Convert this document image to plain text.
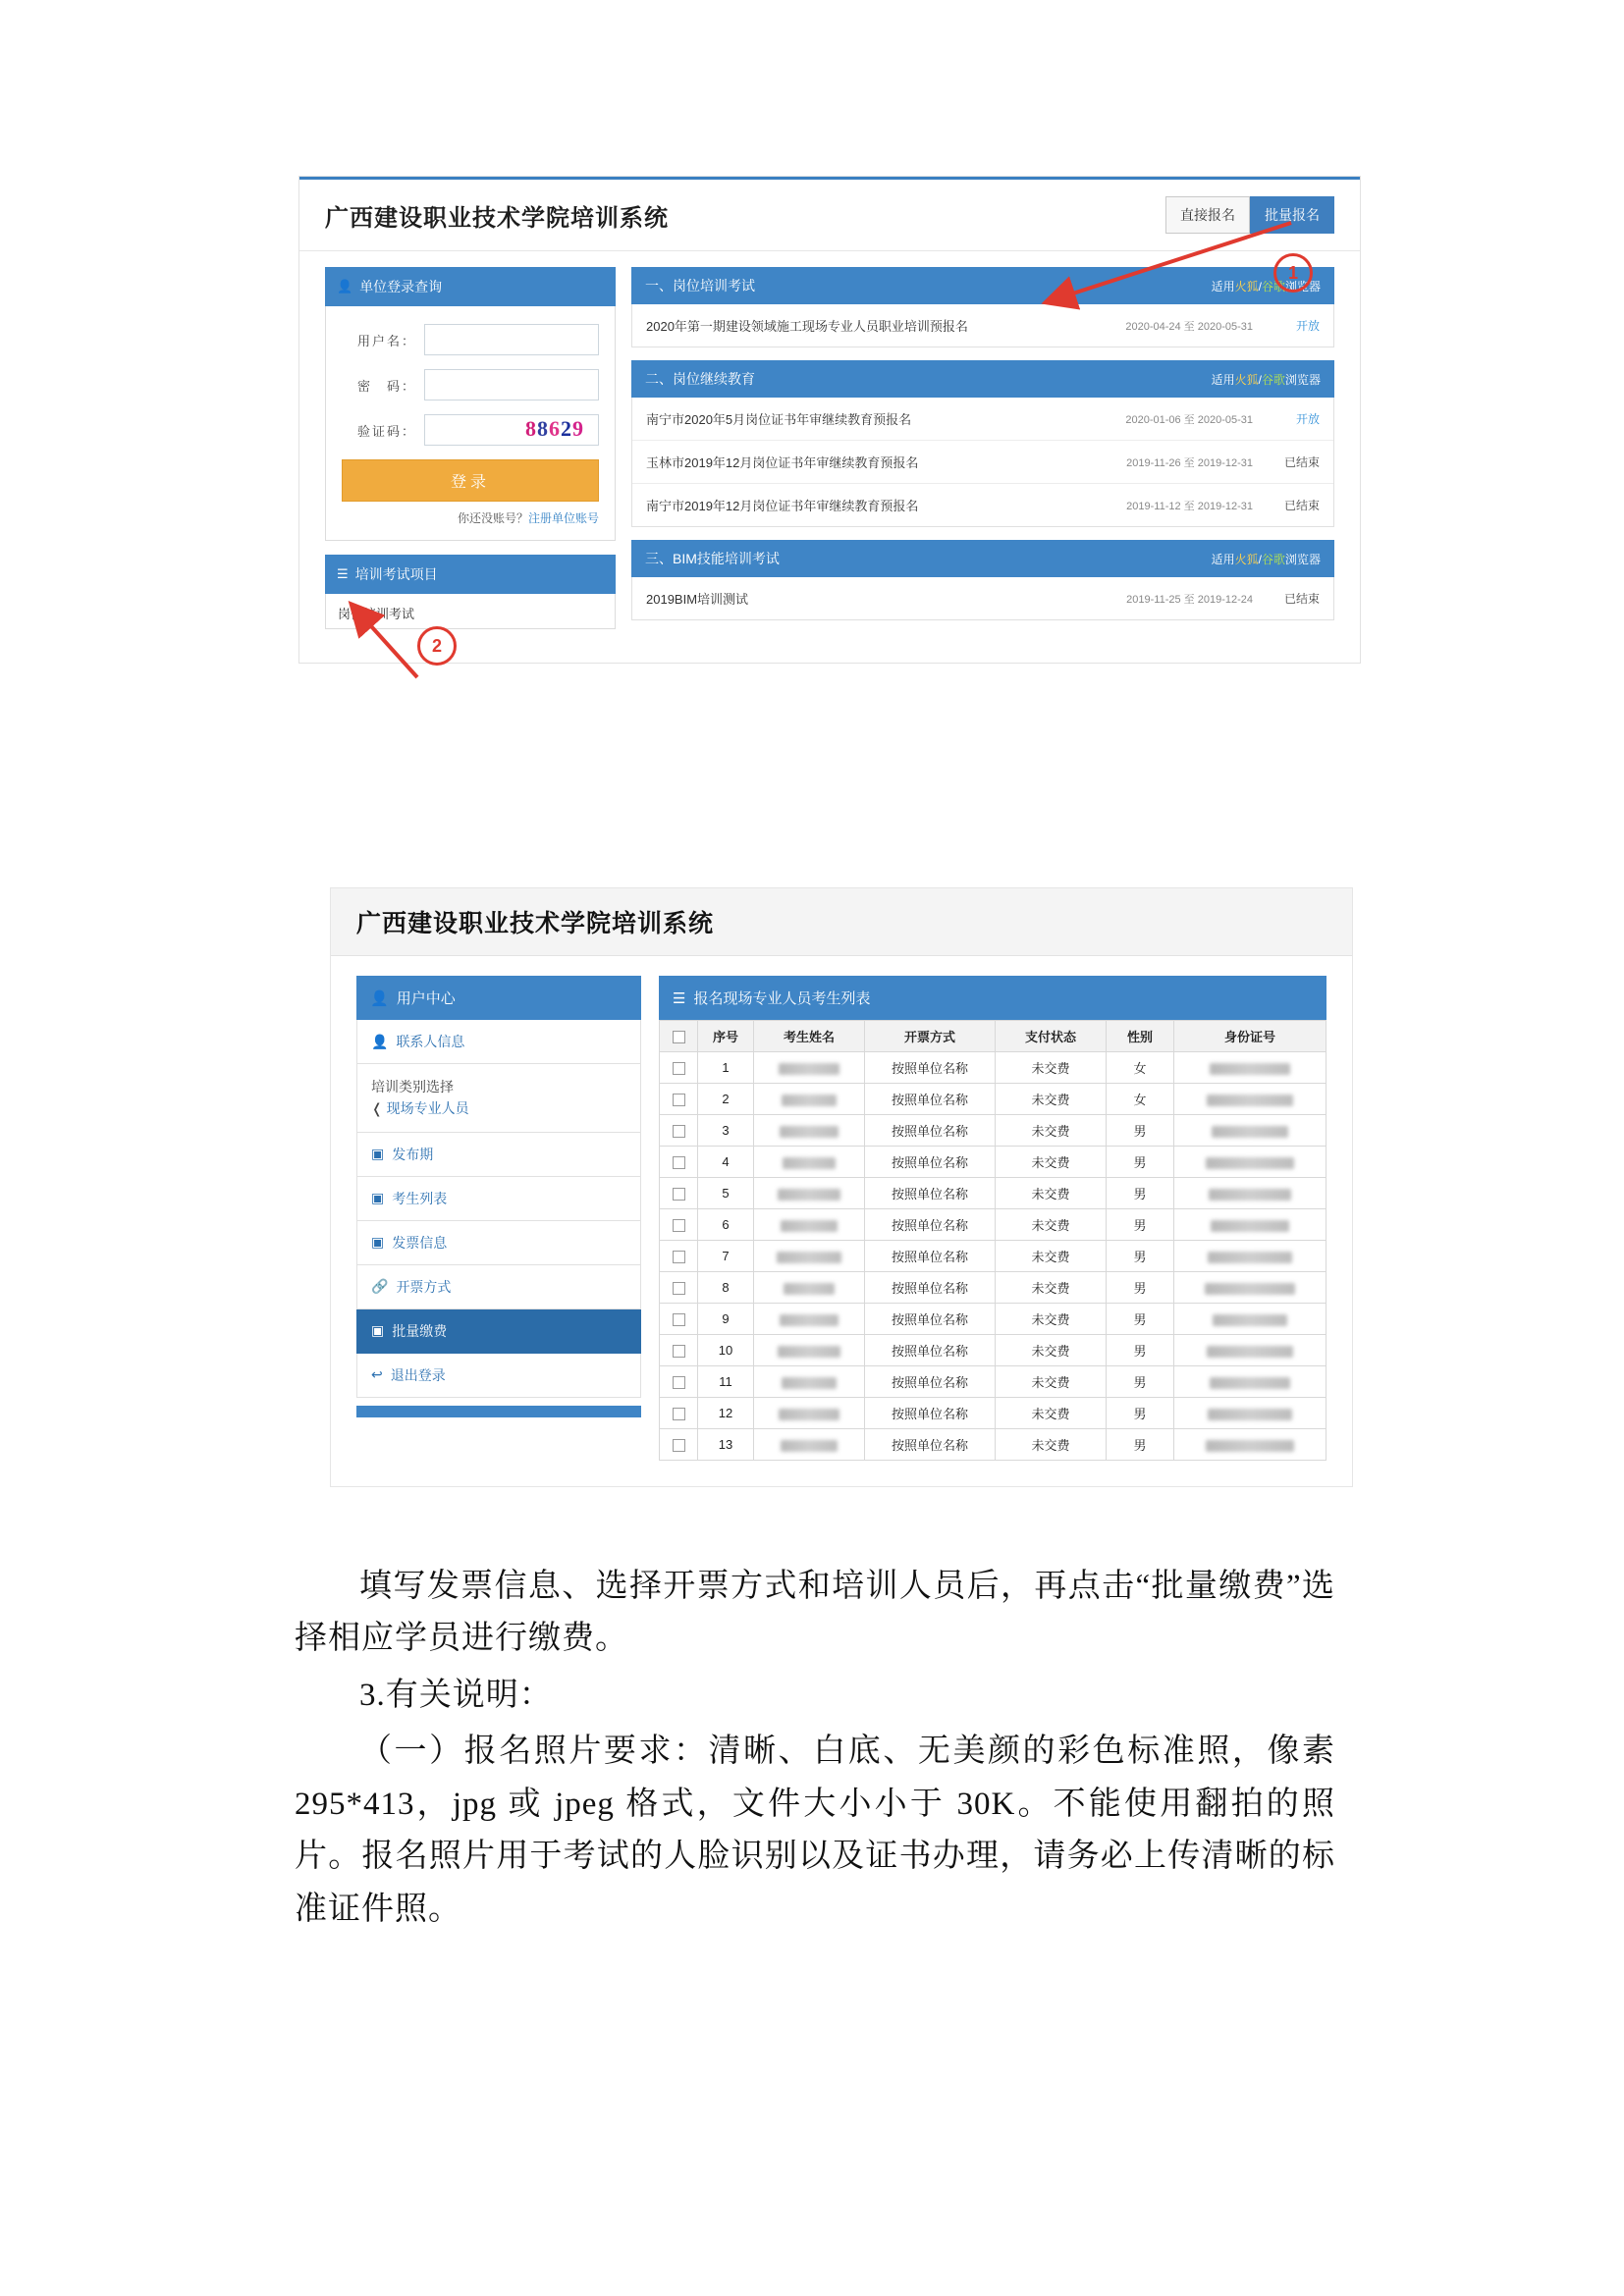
广西建设职业技术学院培训系统	直接报名	批量报名
👤 单位登录查询
用户名：
密　码：
验证码：	8 8 6 2 9
登录
你还没账号？注册单位账号
☰ 培训考试项目
岗位培训考试
一、岗位培训考试	适用火狐/谷歌浏览器
2020年第一期建设领域施工现场专业人员职业培训预报名	2020-04-24 至 2020-05-31	开放
二、岗位继续教育	适用火狐/谷歌浏览器
南宁市2020年5月岗位证书年审继续教育预报名	2020-01-06 至 2020-05-31	开放
玉林市2019年12月岗位证书年审继续教育预报名	2019-11-26 至 2019-12-31	已结束
南宁市2019年12月岗位证书年审继续教育预报名	2019-11-12 至 2019-12-31	已结束
三、BIM技能培训考试	适用火狐/谷歌浏览器
2019BIM培训测试	2019-11-25 至 2019-12-24	已结束
1
2
广西建设职业技术学院培训系统
👤 用户中心
👤 联系人信息
培训类别选择
❬ 现场专业人员
▣ 发布期
▣ 考生列表
▣ 发票信息
🔗 开票方式
▣ 批量缴费
↩ 退出登录
☰ 报名现场专业人员考生列表
	序号	考生姓名	开票方式	支付状态	性别	身份证号
	1		按照单位名称	未交费	女	
	2		按照单位名称	未交费	女	
	3		按照单位名称	未交费	男	
	4		按照单位名称	未交费	男	
	5		按照单位名称	未交费	男	
	6		按照单位名称	未交费	男	
	7		按照单位名称	未交费	男	
	8		按照单位名称	未交费	男	
	9		按照单位名称	未交费	男	
	10		按照单位名称	未交费	男	
	11		按照单位名称	未交费	男	
	12		按照单位名称	未交费	男	
	13		按照单位名称	未交费	男	

填写发票信息、选择开票方式和培训人员后，再点击“批量缴费”选择相应学员进行缴费。

3.有关说明：

（一）报名照片要求：清晰、白底、无美颜的彩色标准照，像素 295*413，jpg 或 jpeg 格式，文件大小小于 30K。不能使用翻拍的照片。报名照片用于考试的人脸识别以及证书办理，请务必上传清晰的标准证件照。
